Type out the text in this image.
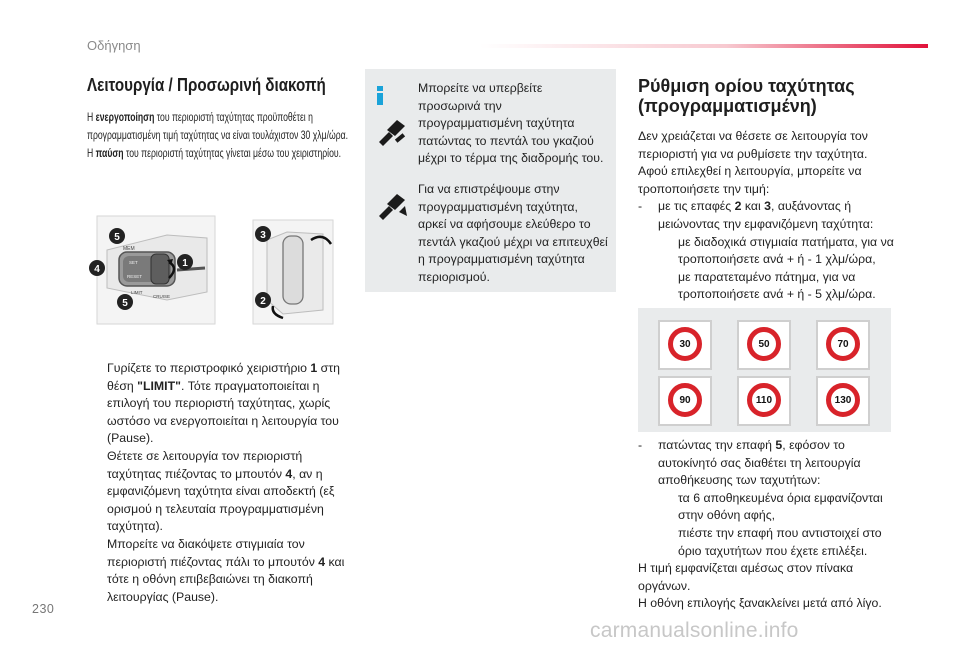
Οδήγηση
Λειτουργία / Προσωρινή διακοπή
Η ενεργοποίηση του περιοριστή ταχύτητας προϋποθέτει η
προγραμματισμένη τιμή ταχύτητας να είναι τουλάχιστον 30 χλμ/ώρα.
Η παύση του περιοριστή ταχύτητας γίνεται μέσω του χειριστηρίου.
MEM
SET
RESET
LIMIT
CRUISE
5
4
1
5
3
2
Γυρίζετε το περιστροφικό χειριστήριο 1 στη θέση "LIMIT". Τότε πραγματοποιείται η επιλογή του περιοριστή ταχύτητας, χωρίς ωστόσο να ενεργοποιείται η λειτουργία του (Pause).
Θέτετε σε λειτουργία τον περιοριστή ταχύτητας πιέζοντας το μπουτόν 4, αν η εμφανιζόμενη ταχύτητα είναι αποδεκτή (εξ ορισμού η τελευταία προγραμματισμένη ταχύτητα).
Μπορείτε να διακόψετε στιγμιαία τον περιοριστή πιέζοντας πάλι το μπουτόν 4 και τότε η οθόνη επιβεβαιώνει τη διακοπή λειτουργίας (Pause).
Μπορείτε να υπερβείτε προσωρινά την προγραμματισμένη ταχύτητα πατώντας το πεντάλ του γκαζιού μέχρι το τέρμα της διαδρομής του.
Για να επιστρέψουμε στην προγραμματισμένη ταχύτητα, αρκεί να αφήσουμε ελεύθερο το πεντάλ γκαζιού μέχρι να επιτευχθεί η προγραμματισμένη ταχύτητα περιορισμού.
Ρύθμιση ορίου ταχύτητας
(προγραμματισμένη)
Δεν χρειάζεται να θέσετε σε λειτουργία τον περιοριστή για να ρυθμίσετε την ταχύτητα. Αφού επιλεχθεί η λειτουργία, μπορείτε να τροποποιήσετε την τιμή:
- με τις επαφές 2 και 3, αυξάνοντας ή μειώνοντας την εμφανιζόμενη ταχύτητα:
με διαδοχικά στιγμιαία πατήματα, για να τροποποιήσετε ανά + ή - 1 χλμ/ώρα,
με παρατεταμένο πάτημα, για να τροποποιήσετε ανά + ή - 5 χλμ/ώρα.
30	50	70
90	110	130
- πατώντας την επαφή 5, εφόσον το αυτοκίνητό σας διαθέτει τη λειτουργία αποθήκευσης των ταχυτήτων:
τα 6 αποθηκευμένα όρια εμφανίζονται στην οθόνη αφής,
πιέστε την επαφή που αντιστοιχεί στο όριο ταχυτήτων που έχετε επιλέξει.
Η τιμή εμφανίζεται αμέσως στον πίνακα οργάνων.
Η οθόνη επιλογής ξανακλείνει μετά από λίγο.
230
carmanualsonline.info
